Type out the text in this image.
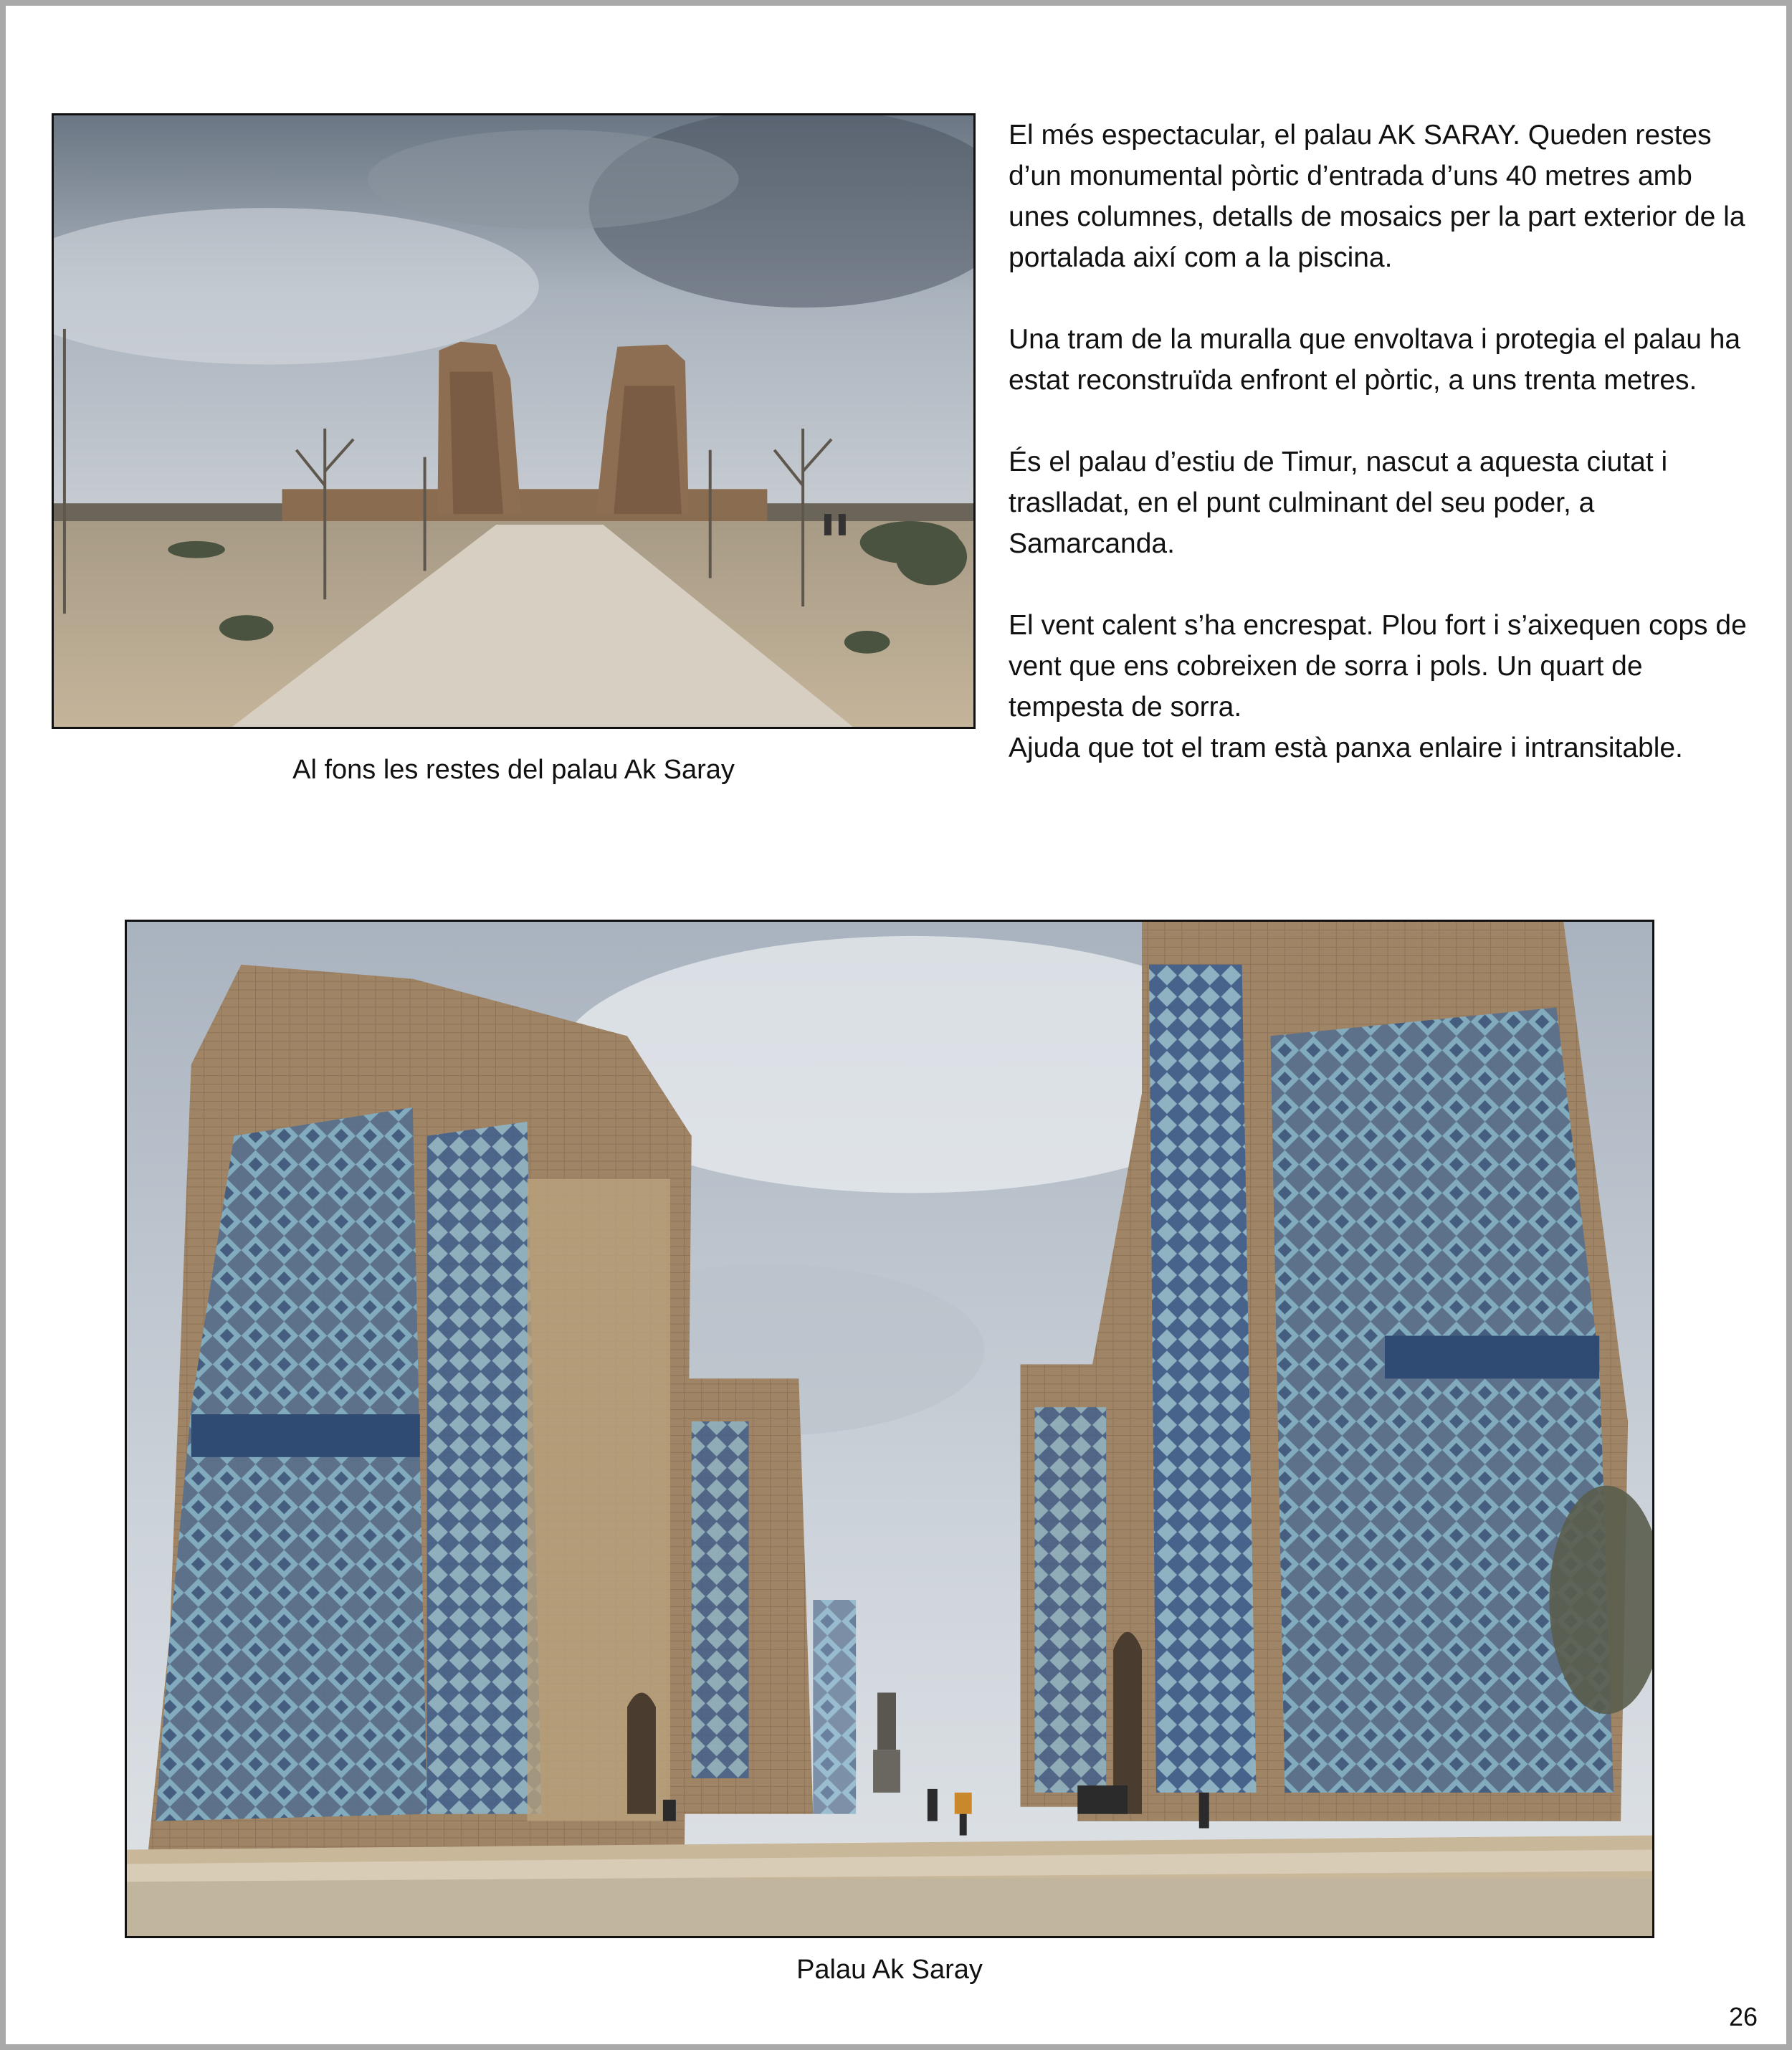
El més espectacular, el palau AK SARAY. Queden restes d’un monumental pòrtic d’entrada d’uns 40 metres amb unes columnes, detalls de mosaics per la part exterior de la portalada així com a la piscina.

Una tram de la muralla que envoltava i protegia el palau ha estat reconstruïda enfront el pòrtic, a uns trenta metres.

És el palau d’estiu de Timur, nascut a aquesta ciutat i traslladat, en el punt culminant del seu poder, a Samarcanda.

El vent calent s’ha encrespat. Plou fort i s’aixequen cops de vent que ens cobreixen de sorra i pols. Un quart de tempesta de sorra.

Ajuda que tot el tram està panxa enlaire i intransitable.

Al fons les restes del palau Ak Saray
Palau Ak Saray
26
